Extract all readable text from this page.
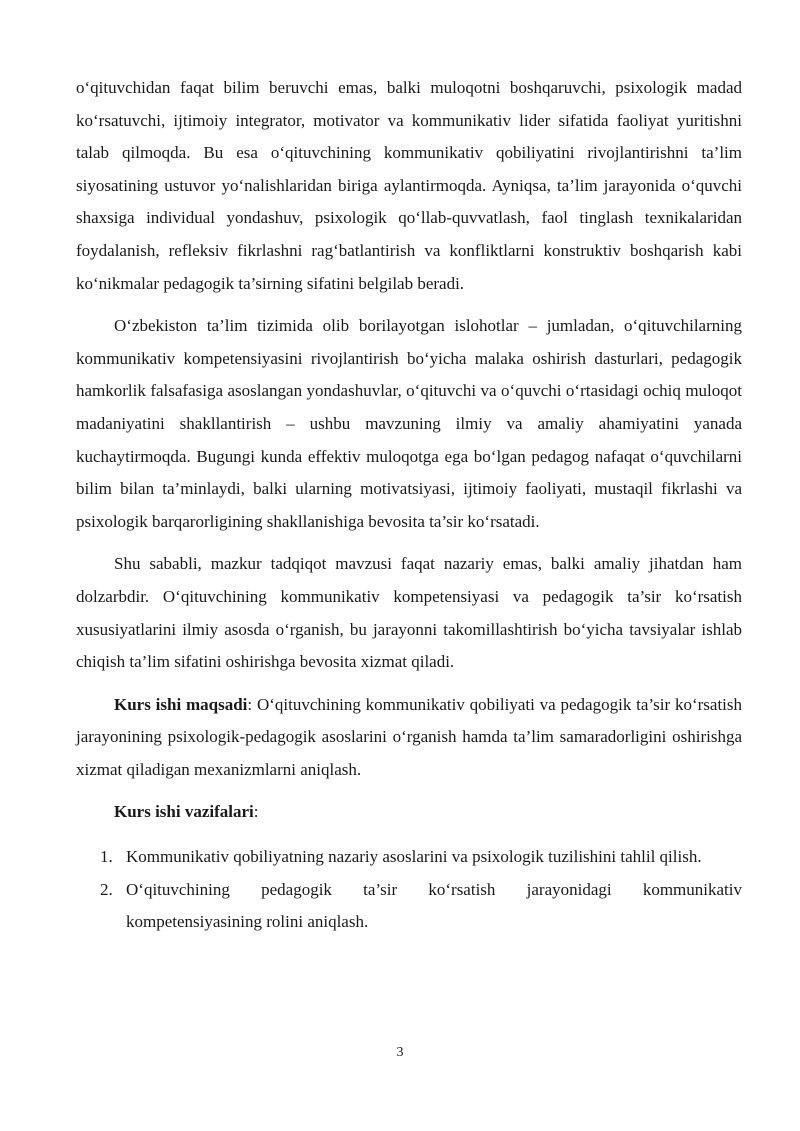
o‘qituvchidan faqat bilim beruvchi emas, balki muloqotni boshqaruvchi, psixologik madad ko‘rsatuvchi, ijtimoiy integrator, motivator va kommunikativ lider sifatida faoliyat yuritishni talab qilmoqda. Bu esa o‘qituvchining kommunikativ qobiliyatini rivojlantirishni ta’lim siyosatining ustuvor yo‘nalishlaridan biriga aylantirmoqda. Ayniqsa, ta’lim jarayonida o‘quvchi shaxsiga individual yondashuv, psixologik qo‘llab-quvvatlash, faol tinglash texnikalaridan foydalanish, refleksiv fikrlashni rag‘batlantirish va konfliktlarni konstruktiv boshqarish kabi ko‘nikmalar pedagogik ta’sirning sifatini belgilab beradi.

O‘zbekiston ta’lim tizimida olib borilayotgan islohotlar – jumladan, o‘qituvchilarning kommunikativ kompetensiyasini rivojlantirish bo‘yicha malaka oshirish dasturlari, pedagogik hamkorlik falsafasiga asoslangan yondashuvlar, o‘qituvchi va o‘quvchi o‘rtasidagi ochiq muloqot madaniyatini shakllantirish – ushbu mavzuning ilmiy va amaliy ahamiyatini yanada kuchaytirmoqda. Bugungi kunda effektiv muloqotga ega bo‘lgan pedagog nafaqat o‘quvchilarni bilim bilan ta’minlaydi, balki ularning motivatsiyasi, ijtimoiy faoliyati, mustaqil fikrlashi va psixologik barqarorligining shakllanishiga bevosita ta’sir ko‘rsatadi.

Shu sababli, mazkur tadqiqot mavzusi faqat nazariy emas, balki amaliy jihatdan ham dolzarbdir. O‘qituvchining kommunikativ kompetensiyasi va pedagogik ta’sir ko‘rsatish xususiyatlarini ilmiy asosda o‘rganish, bu jarayonni takomillashtirish bo‘yicha tavsiyalar ishlab chiqish ta’lim sifatini oshirishga bevosita xizmat qiladi.

Kurs ishi maqsadi: O‘qituvchining kommunikativ qobiliyati va pedagogik ta’sir ko‘rsatish jarayonining psixologik-pedagogik asoslarini o‘rganish hamda ta’lim samaradorligini oshirishga xizmat qiladigan mexanizmlarni aniqlash.

Kurs ishi vazifalari:

1. Kommunikativ qobiliyatning nazariy asoslarini va psixologik tuzilishini tahlil qilish.
2. O‘qituvchining pedagogik ta’sir ko‘rsatish jarayonidagi kommunikativ kompetensiyasining rolini aniqlash.
3
